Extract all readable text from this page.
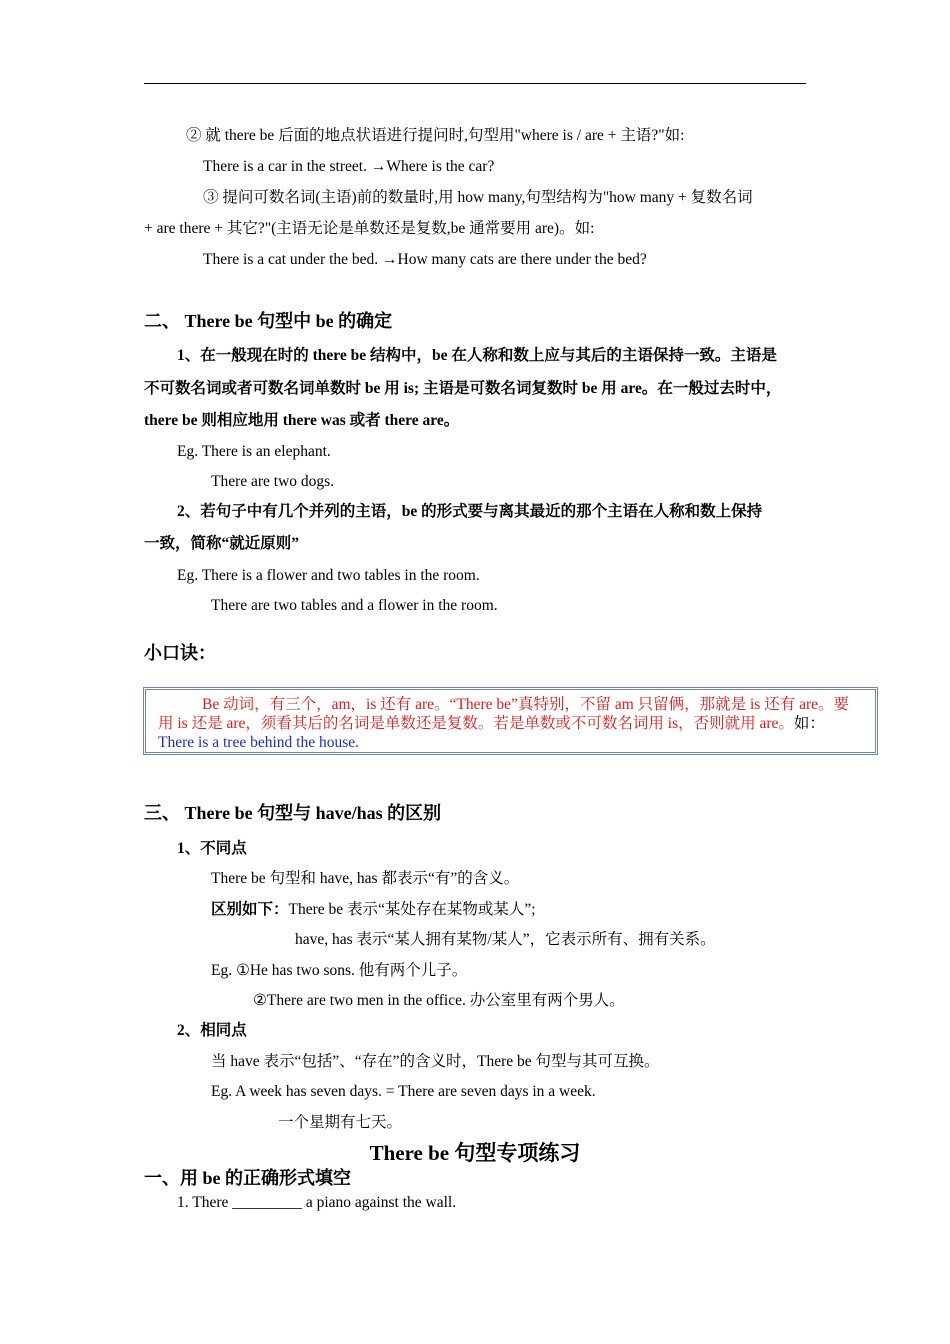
② 就 there be 后面的地点状语进行提问时,句型用"where is / are + 主语?"如:
There is a car in the street. →Where is the car?
③ 提问可数名词(主语)前的数量时,用 how many,句型结构为"how many + 复数名词
+ are there + 其它?"(主语无论是单数还是复数,be 通常要用 are)。如:
There is a cat under the bed. →How many cats are there under the bed?
二、 There be 句型中 be 的确定
1、在一般现在时的 there be 结构中，be 在人称和数上应与其后的主语保持一致。主语是
不可数名词或者可数名词单数时 be 用 is; 主语是可数名词复数时 be 用 are。在一般过去时中，
there be 则相应地用 there was 或者 there are。
Eg. There is an elephant.
There are two dogs.
2、若句子中有几个并列的主语，be 的形式要与离其最近的那个主语在人称和数上保持
一致，简称“就近原则”
Eg. There is a flower and two tables in the room.
There are two tables and a flower in the room.
小口诀：
Be 动词，有三个，am，is 还有 are。“There be”真特别，不留 am 只留俩，那就是 is 还有 are。要
用 is 还是 are，须看其后的名词是单数还是复数。若是单数或不可数名词用 is，否则就用 are。如：
There is a tree behind the house.
三、 There be 句型与 have/has 的区别
1、不同点
There be 句型和 have, has 都表示“有”的含义。
区别如下：There be 表示“某处存在某物或某人”;
have, has 表示“某人拥有某物/某人”，它表示所有、拥有关系。
Eg. ①He has two sons. 他有两个儿子。
②There are two men in the office. 办公室里有两个男人。
2、相同点
当 have 表示“包括”、“存在”的含义时，There be 句型与其可互换。
Eg. A week has seven days. = There are seven days in a week.
一个星期有七天。
There be 句型专项练习
一、用 be 的正确形式填空
1. There _________ a piano against the wall.
